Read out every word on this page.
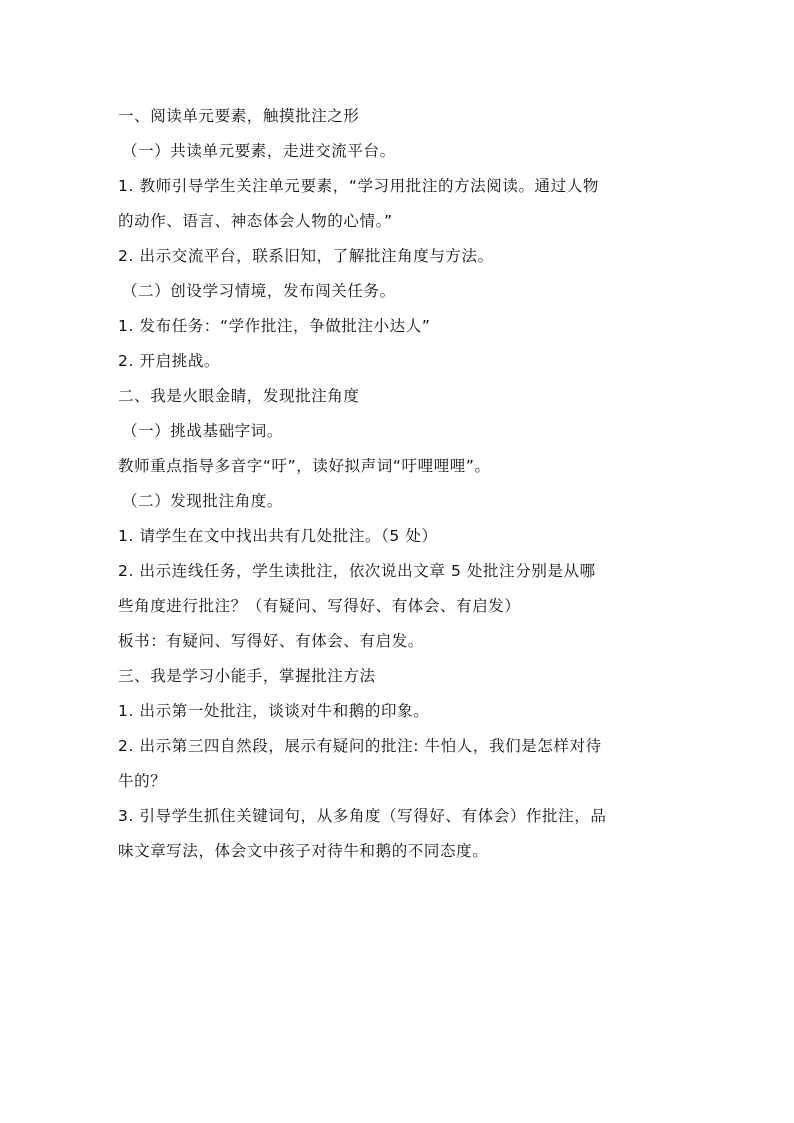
一、阅读单元要素，触摸批注之形

（一）共读单元要素，走进交流平台。

1. 教师引导学生关注单元要素，“学习用批注的方法阅读。通过人物

的动作、语言、神态体会人物的心情。”

2. 出示交流平台，联系旧知，了解批注角度与方法。

（二）创设学习情境，发布闯关任务。

1. 发布任务：“学作批注，争做批注小达人”

2. 开启挑战。

二、我是火眼金睛，发现批注角度

（一）挑战基础字词。

教师重点指导多音字“吁”，读好拟声词“吁哩哩哩”。

（二）发现批注角度。

1. 请学生在文中找出共有几处批注。（5 处）

2. 出示连线任务，学生读批注，依次说出文章 5 处批注分别是从哪

些角度进行批注？（有疑问、写得好、有体会、有启发）

板书：有疑问、写得好、有体会、有启发。

三、我是学习小能手，掌握批注方法

1. 出示第一处批注，谈谈对牛和鹅的印象。

2. 出示第三四自然段，展示有疑问的批注: 牛怕人，我们是怎样对待

牛的？

3. 引导学生抓住关键词句，从多角度（写得好、有体会）作批注，品

味文章写法，体会文中孩子对待牛和鹅的不同态度。
